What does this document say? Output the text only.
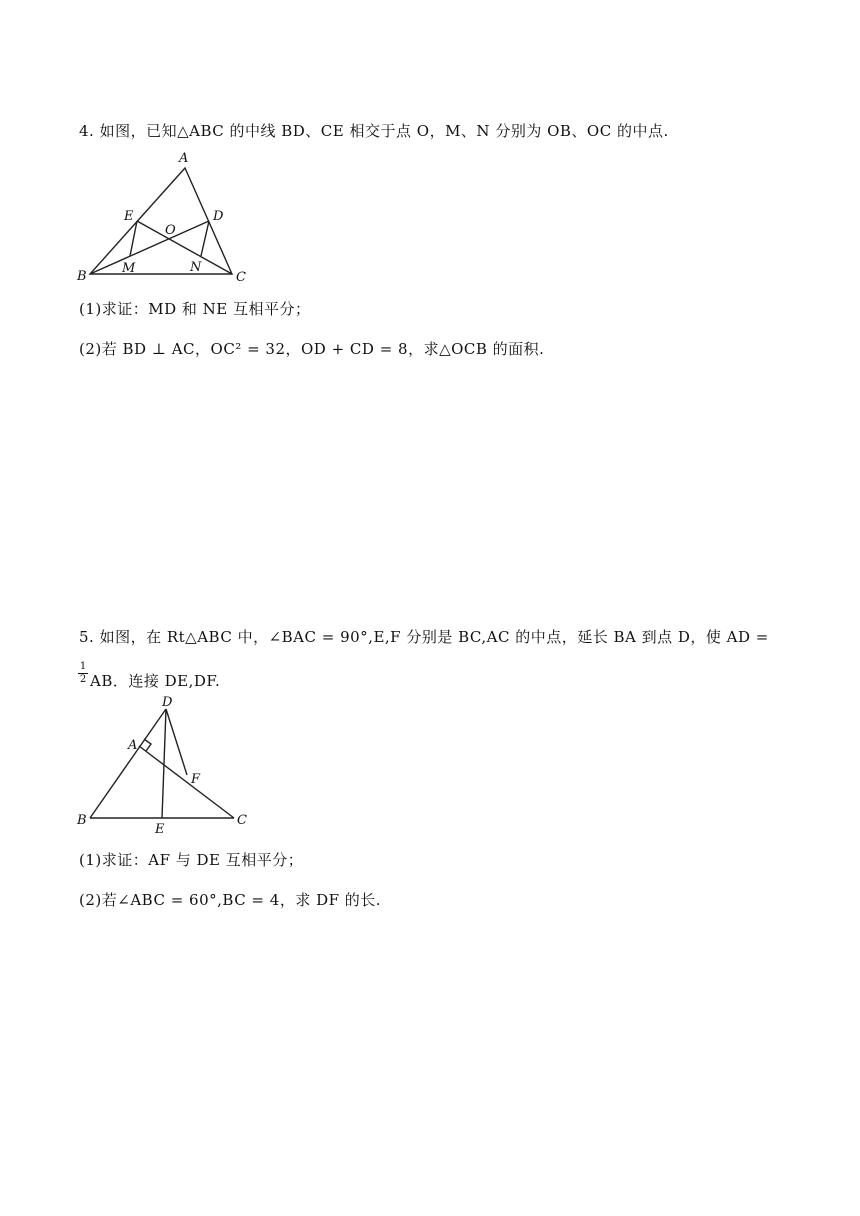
4. 如图，已知△ABC 的中线 BD、CE 相交于点 O，M、N 分别为 OB、OC 的中点.
A
E	D
O
B
M	N
C
(1)求证：MD 和 NE 互相平分；
(2)若 BD ⊥ AC，OC² = 32，OD + CD = 8，求△OCB 的面积.
5. 如图，在 Rt△ABC 中，∠BAC = 90°,E,F 分别是 BC,AC 的中点，延长 BA 到点 D，使 AD =
1
2 AB．连接 DE,DF.
D
A
F
B
E
C
(1)求证：AF 与 DE 互相平分；
(2)若∠ABC = 60°,BC = 4，求 DF 的长.
